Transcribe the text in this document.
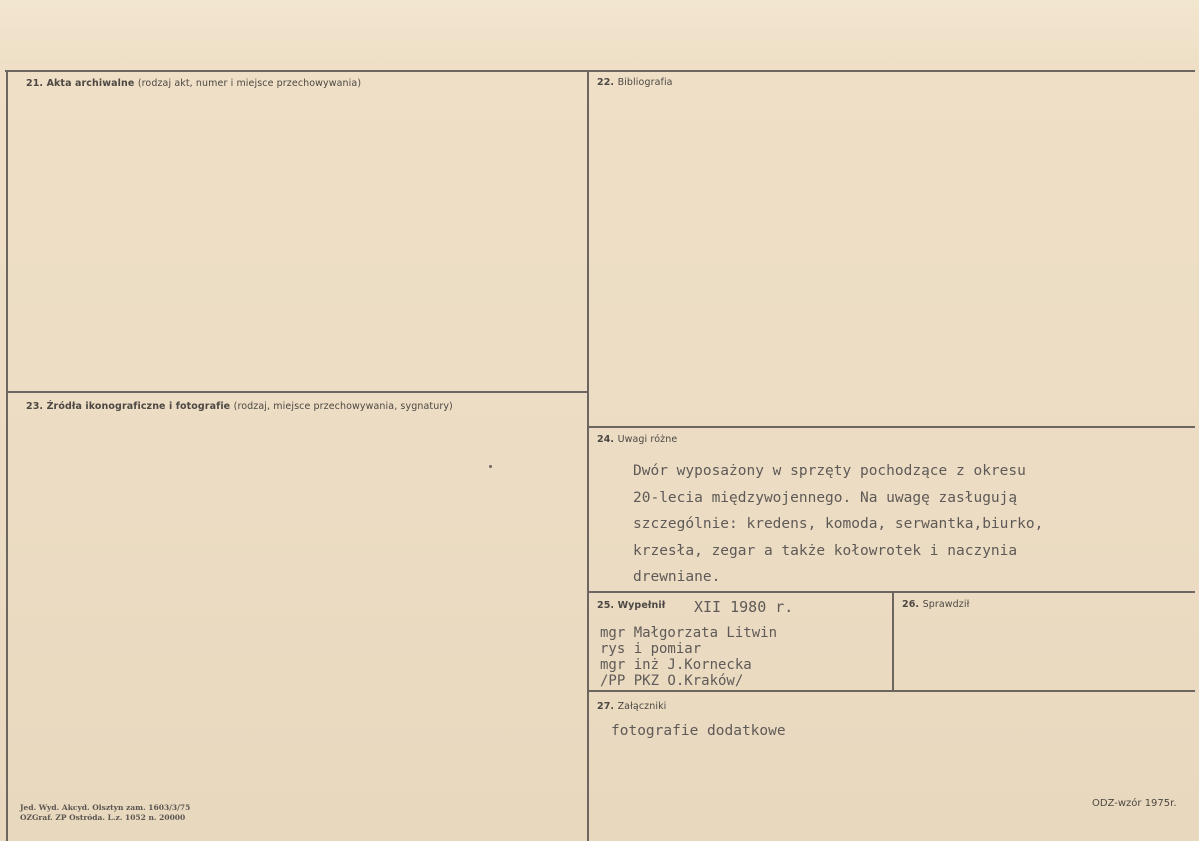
21. Akta archiwalne (rodzaj akt, numer i miejsce przechowywania)	22. Bibliografia
23. Źródła ikonograficzne i fotografie (rodzaj, miejsce przechowywania, sygnatury)
24. Uwagi różne
25. Wypełnił	26. Sprawdził
27. Załączniki
Dwór wyposażony w sprzęty pochodzące z okresu
20-lecia międzywojennego. Na uwagę zasługują
szczególnie: kredens, komoda, serwantka,biurko,
krzesła, zegar a także kołowrotek i naczynia
drewniane.
XII 1980 r.
mgr Małgorzata Litwin
rys i pomiar
mgr inż J.Kornecka
/PP PKZ O.Kraków/
fotografie dodatkowe
Jed. Wyd. Akcyd. Olsztyn zam. 1603/3/75
OZGraf. ZP Ostróda. L.z. 1052 n. 20000
ODZ-wzór 1975r.
